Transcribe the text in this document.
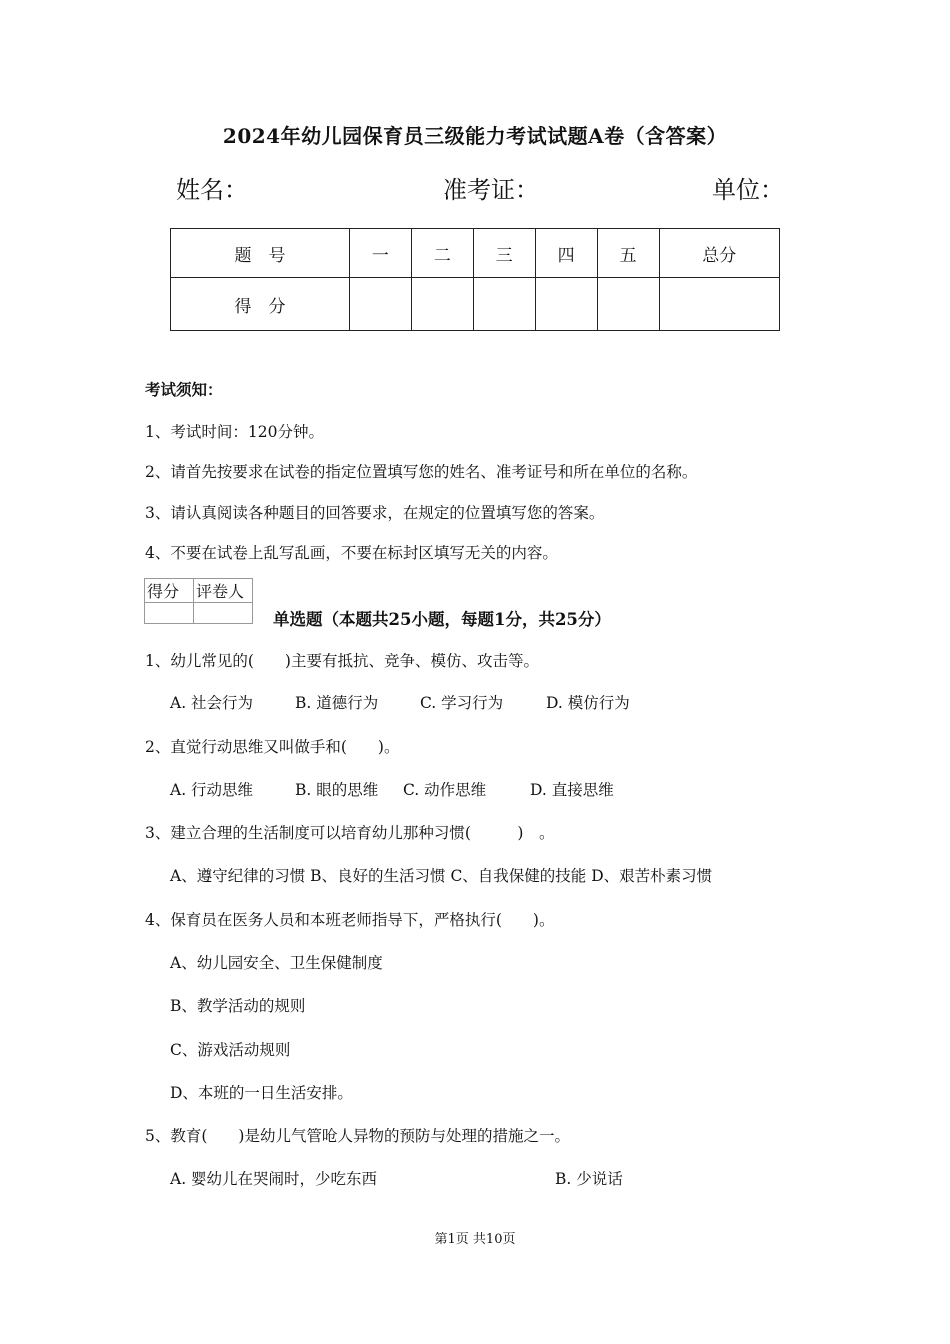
2024年幼儿园保育员三级能力考试试题A卷（含答案）
姓名：	准考证：	单位：
题　号	一	二	三	四	五	总分
得　分						
考试须知：
1、考试时间：120分钟。
2、请首先按要求在试卷的指定位置填写您的姓名、准考证号和所在单位的名称。
3、请认真阅读各种题目的回答要求，在规定的位置填写您的答案。
4、不要在试卷上乱写乱画，不要在标封区填写无关的内容。
得分	评卷人

单选题（本题共25小题，每题1分，共25分）
1、幼儿常见的(　　)主要有抵抗、竞争、模仿、攻击等。
A. 社会行为	B. 道德行为	C. 学习行为	D. 模仿行为
2、直觉行动思维又叫做手和(　　)。
A. 行动思维	B. 眼的思维 C. 动作思维	D. 直接思维
3、建立合理的生活制度可以培育幼儿那种习惯(　　　)　。
A、遵守纪律的习惯 B、良好的生活习惯 C、自我保健的技能 D、艰苦朴素习惯
4、保育员在医务人员和本班老师指导下，严格执行(　　)。
A、幼儿园安全、卫生保健制度
B、教学活动的规则
C、游戏活动规则
D、本班的一日生活安排。
5、教育(　　)是幼儿气管呛人异物的预防与处理的措施之一。
A. 婴幼儿在哭闹时，少吃东西	B. 少说话
第1页 共10页
